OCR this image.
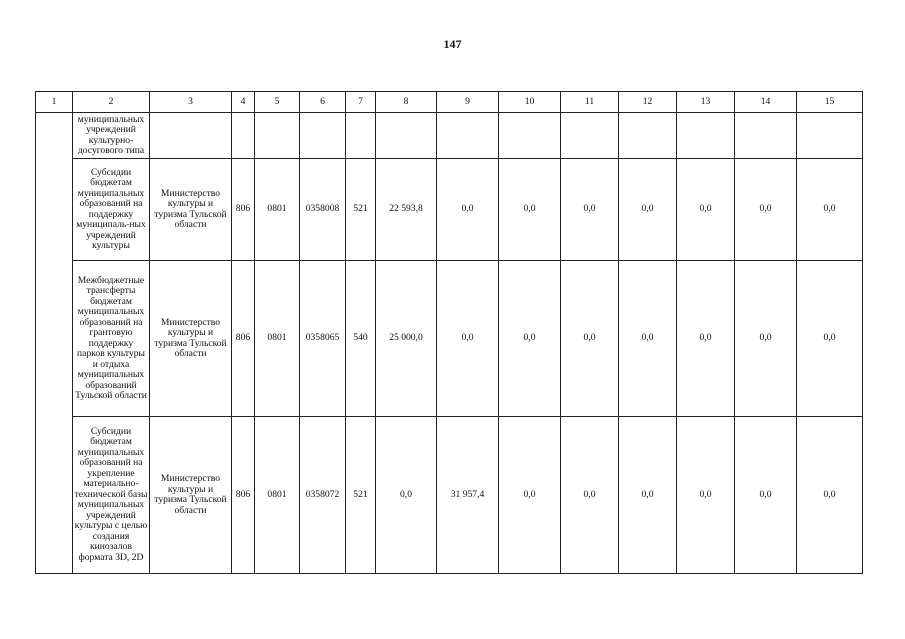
147
1	2	3	4	5	6	7	8	9	10	11	12	13	14	15
	муниципальных учреждений культурно-досугового типа													
	Субсидии бюджетам муниципальных образований на поддержку муниципаль-ных учреждений культуры	Министерство культуры и туризма Тульской области	806	0801	0358008	521	22 593,8	0,0	0,0	0,0	0,0	0,0	0,0	0,0
	Межбюджетные трансферты бюджетам муниципальных образований на грантовую поддержку парков культуры и отдыха муниципальных образований Тульской области	Министерство культуры и туризма Тульской области	806	0801	0358065	540	25 000,0	0,0	0,0	0,0	0,0	0,0	0,0	0,0
	Субсидии бюджетам муниципальных образований на укрепление материально-технической базы муниципальных учреждений культуры с целью создания кинозалов формата 3D, 2D	Министерство культуры и туризма Тульской области	806	0801	0358072	521	0,0	31 957,4	0,0	0,0	0,0	0,0	0,0	0,0
